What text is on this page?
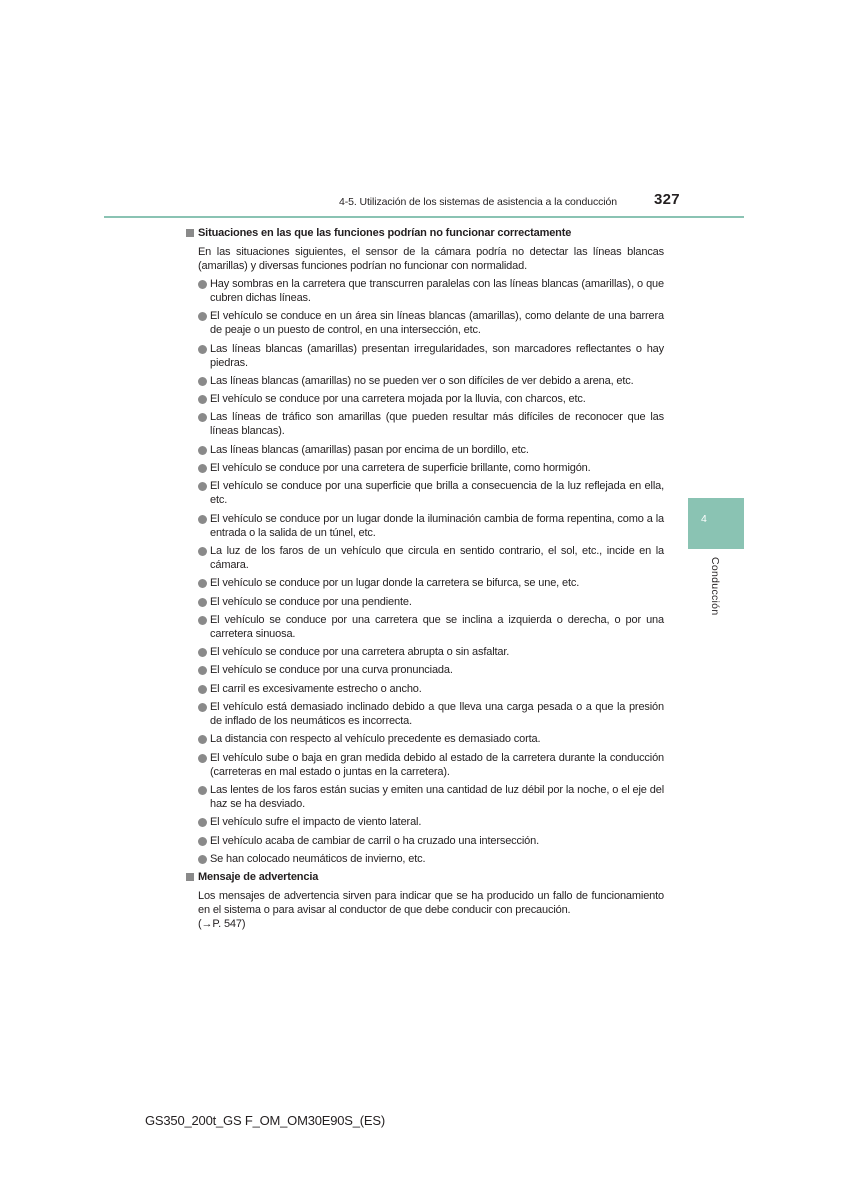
4-5. Utilización de los sistemas de asistencia a la conducción 327
4
Conducción
Situaciones en las que las funciones podrían no funcionar correctamente
En las situaciones siguientes, el sensor de la cámara podría no detectar las líneas blancas (amarillas) y diversas funciones podrían no funcionar con normalidad.
Hay sombras en la carretera que transcurren paralelas con las líneas blancas (amarillas), o que cubren dichas líneas.
El vehículo se conduce en un área sin líneas blancas (amarillas), como delante de una barrera de peaje o un puesto de control, en una intersección, etc.
Las líneas blancas (amarillas) presentan irregularidades, son marcadores reflectantes o hay piedras.
Las líneas blancas (amarillas) no se pueden ver o son difíciles de ver debido a arena, etc.
El vehículo se conduce por una carretera mojada por la lluvia, con charcos, etc.
Las líneas de tráfico son amarillas (que pueden resultar más difíciles de reconocer que las líneas blancas).
Las líneas blancas (amarillas) pasan por encima de un bordillo, etc.
El vehículo se conduce por una carretera de superficie brillante, como hormigón.
El vehículo se conduce por una superficie que brilla a consecuencia de la luz reflejada en ella, etc.
El vehículo se conduce por un lugar donde la iluminación cambia de forma repentina, como a la entrada o la salida de un túnel, etc.
La luz de los faros de un vehículo que circula en sentido contrario, el sol, etc., incide en la cámara.
El vehículo se conduce por un lugar donde la carretera se bifurca, se une, etc.
El vehículo se conduce por una pendiente.
El vehículo se conduce por una carretera que se inclina a izquierda o derecha, o por una carretera sinuosa.
El vehículo se conduce por una carretera abrupta o sin asfaltar.
El vehículo se conduce por una curva pronunciada.
El carril es excesivamente estrecho o ancho.
El vehículo está demasiado inclinado debido a que lleva una carga pesada o a que la presión de inflado de los neumáticos es incorrecta.
La distancia con respecto al vehículo precedente es demasiado corta.
El vehículo sube o baja en gran medida debido al estado de la carretera durante la conducción (carreteras en mal estado o juntas en la carretera).
Las lentes de los faros están sucias y emiten una cantidad de luz débil por la noche, o el eje del haz se ha desviado.
El vehículo sufre el impacto de viento lateral.
El vehículo acaba de cambiar de carril o ha cruzado una intersección.
Se han colocado neumáticos de invierno, etc.
Mensaje de advertencia
Los mensajes de advertencia sirven para indicar que se ha producido un fallo de funcionamiento en el sistema o para avisar al conductor de que debe conducir con precaución.
(→P. 547)
GS350_200t_GS F_OM_OM30E90S_(ES)
